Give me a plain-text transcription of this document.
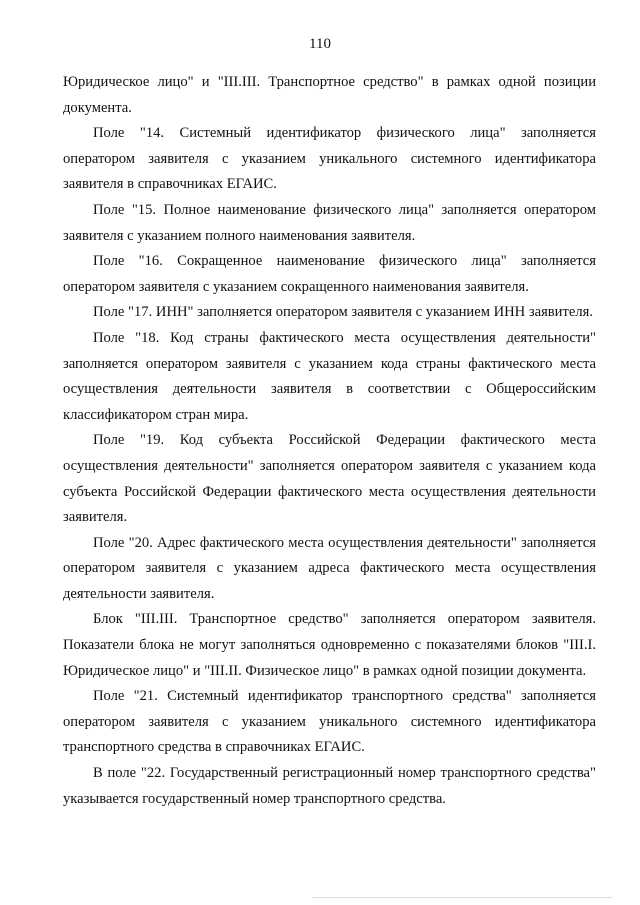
110

Юридическое лицо" и "III.III. Транспортное средство" в рамках одной позиции документа.

Поле "14. Системный идентификатор физического лица" заполняется оператором заявителя с указанием уникального системного идентификатора заявителя в справочниках ЕГАИС.

Поле "15. Полное наименование физического лица" заполняется оператором заявителя с указанием полного наименования заявителя.

Поле "16. Сокращенное наименование физического лица" заполняется оператором заявителя с указанием сокращенного наименования заявителя.

Поле "17. ИНН" заполняется оператором заявителя с указанием ИНН заявителя.

Поле "18. Код страны фактического места осуществления деятельности" заполняется оператором заявителя с указанием кода страны фактического места осуществления деятельности заявителя в соответствии с Общероссийским классификатором стран мира.

Поле "19. Код субъекта Российской Федерации фактического места осуществления деятельности" заполняется оператором заявителя с указанием кода субъекта Российской Федерации фактического места осуществления деятельности заявителя.

Поле "20. Адрес фактического места осуществления деятельности" заполняется оператором заявителя с указанием адреса фактического места осуществления деятельности заявителя.

Блок "III.III. Транспортное средство" заполняется оператором заявителя. Показатели блока не могут заполняться одновременно с показателями блоков "III.I. Юридическое лицо" и "III.II. Физическое лицо" в рамках одной позиции документа.

Поле "21. Системный идентификатор транспортного средства" заполняется оператором заявителя с указанием уникального системного идентификатора транспортного средства в справочниках ЕГАИС.

В поле "22. Государственный регистрационный номер транспортного средства" указывается государственный номер транспортного средства.
